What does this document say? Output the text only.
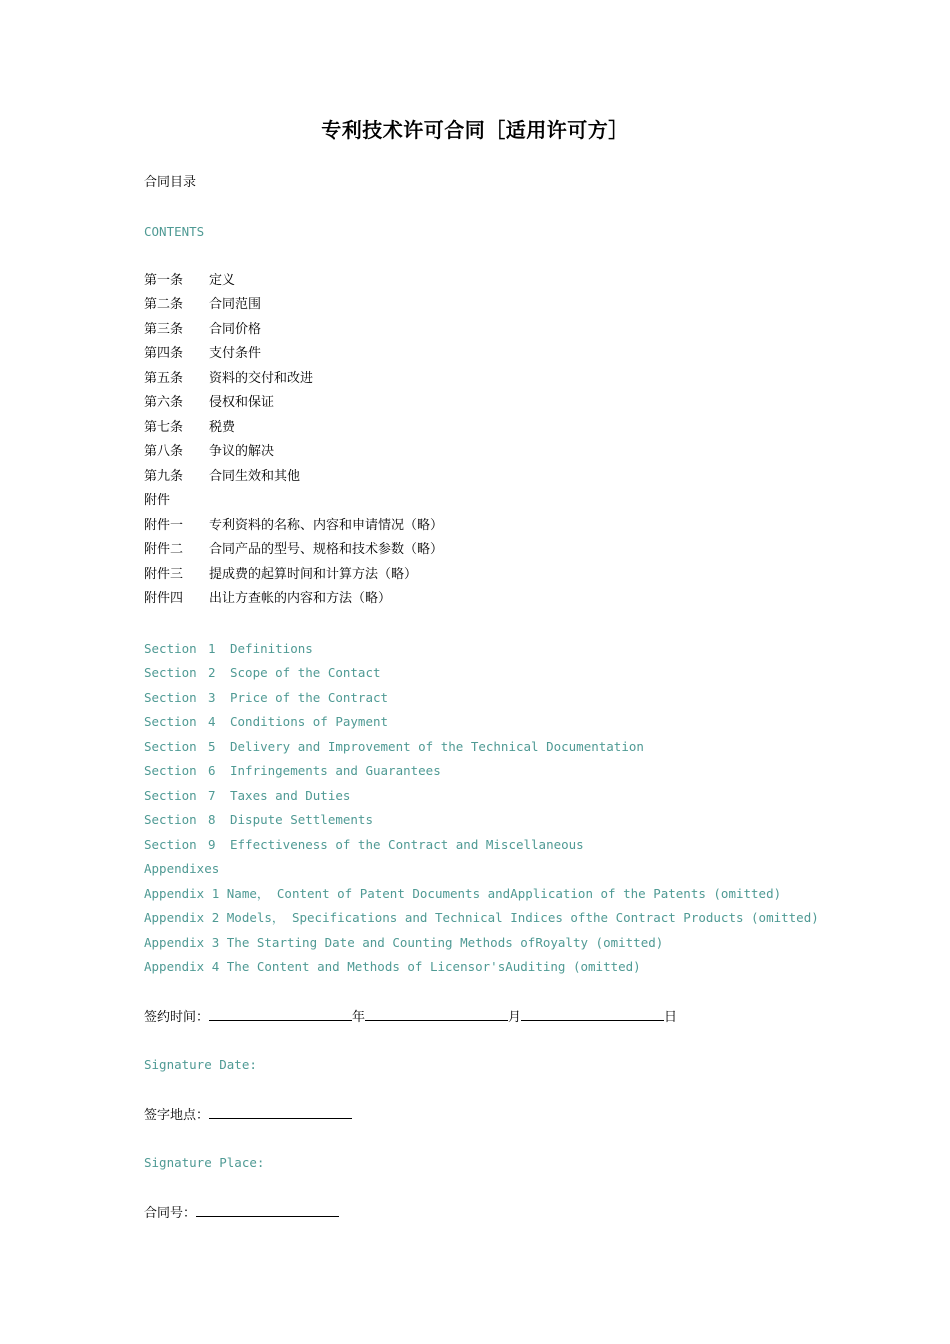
专利技术许可合同［适用许可方］
合同目录
CONTENTS
第一条 定义
第二条 合同范围
第三条 合同价格
第四条 支付条件
第五条 资料的交付和改进
第六条 侵权和保证
第七条 税费
第八条 争议的解决
第九条 合同生效和其他
附件
附件一 专利资料的名称、内容和申请情况（略）
附件二 合同产品的型号、规格和技术参数（略）
附件三 提成费的起算时间和计算方法（略）
附件四 出让方查帐的内容和方法（略）
Section 1 Definitions
Section 2 Scope of the Contact
Section 3 Price of the Contract
Section 4 Conditions of Payment
Section 5 Delivery and Improvement of the Technical Documentation
Section 6 Infringements and Guarantees
Section 7 Taxes and Duties
Section 8 Dispute Settlements
Section 9 Effectiveness of the Contract and Miscellaneous
Appendixes
Appendix 1 Name， Content of Patent Documents andApplication of the Patents (omitted)
Appendix 2 Models， Specifications and Technical Indices ofthe Contract Products (omitted)
Appendix 3 The Starting Date and Counting Methods ofRoyalty (omitted)
Appendix 4 The Content and Methods of Licensor'sAuditing (omitted)
签约时间：	年	月	日
Signature Date:
签字地点：
Signature Place:
合同号：
